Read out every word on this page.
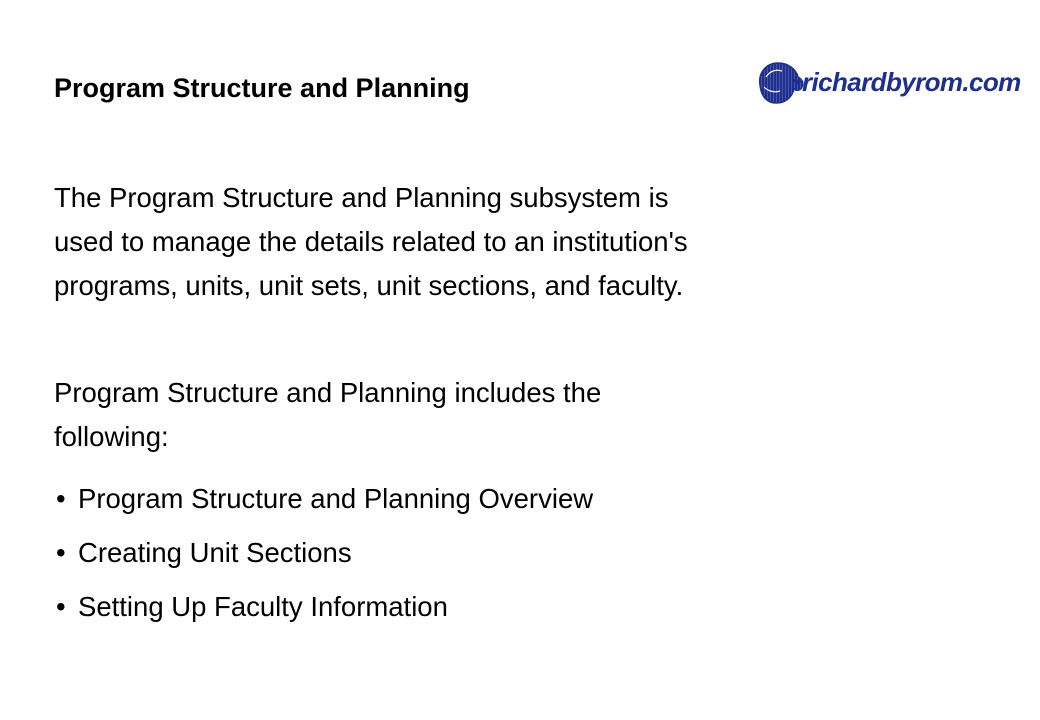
Program Structure and Planning	richardbyrom.com
The Program Structure and Planning subsystem is
used to manage the details related to an institution's
programs, units, unit sets, unit sections, and faculty.
Program Structure and Planning includes the
following:
• Program Structure and Planning Overview
• Creating Unit Sections
• Setting Up Faculty Information
